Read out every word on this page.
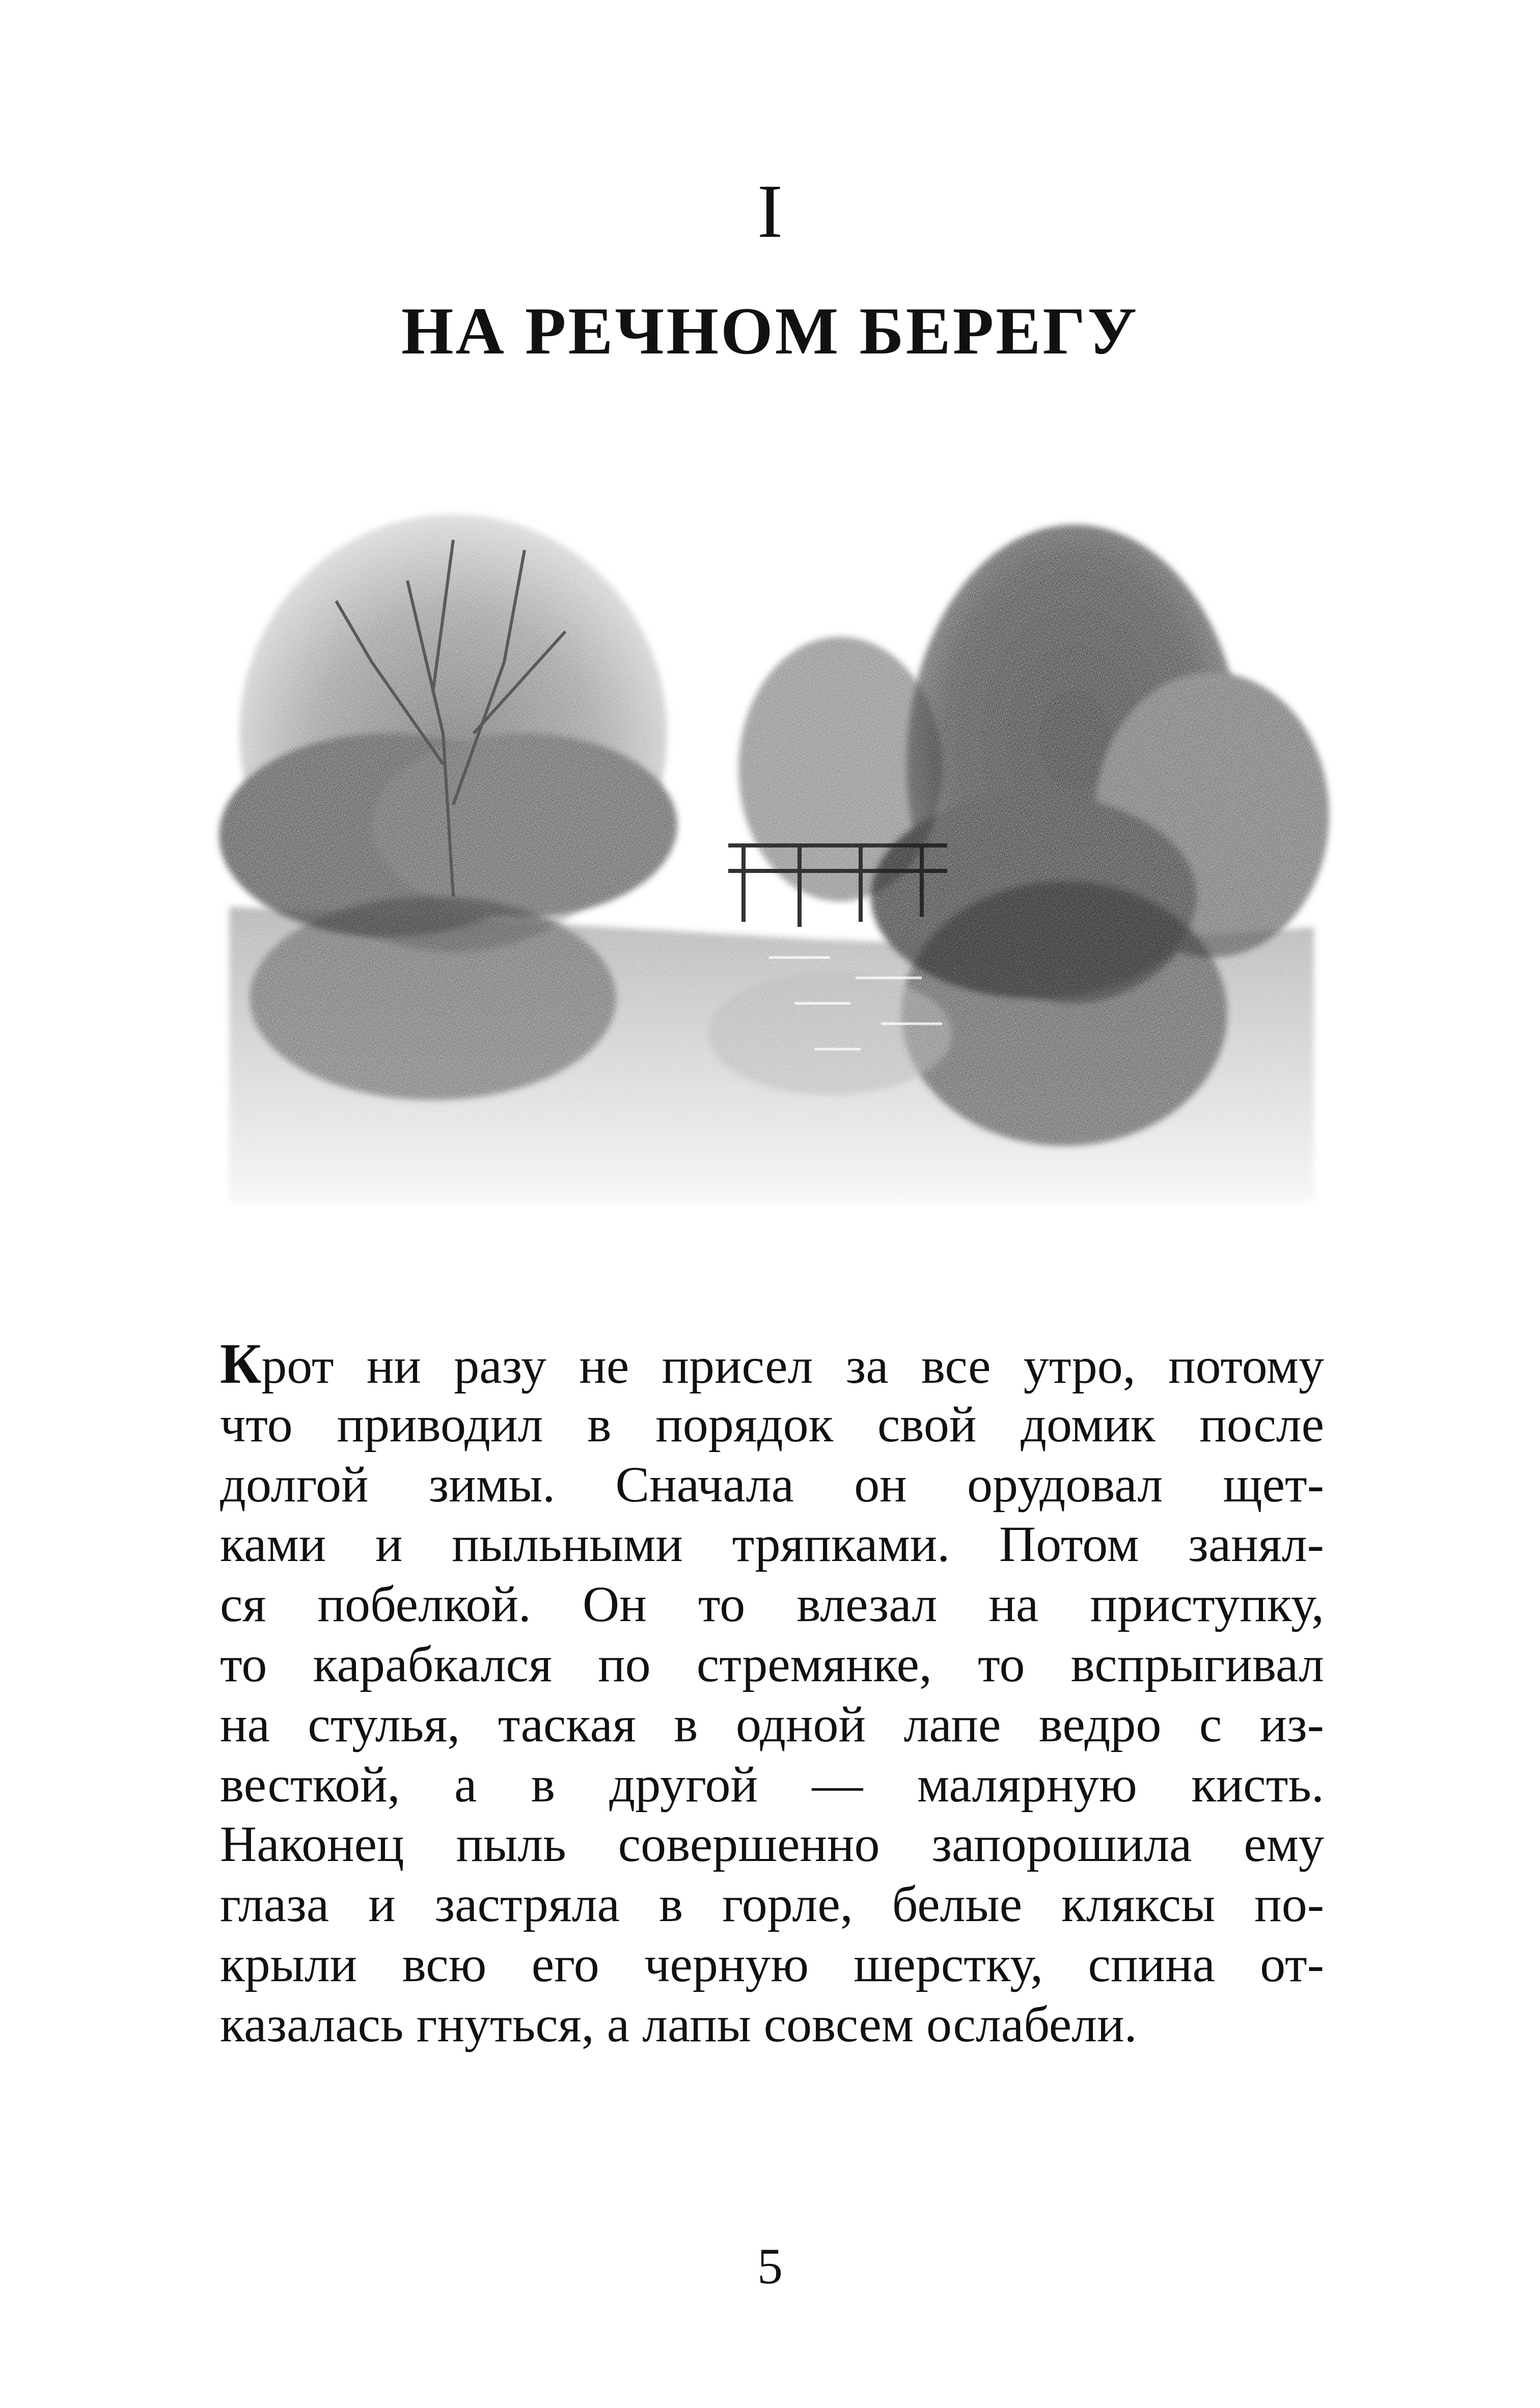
I
НА РЕЧНОМ БЕРЕГУ
Крот ни разу не присел за все утро, потому
что приводил в порядок свой домик после
долгой зимы. Сначала он орудовал щет-
ками и пыльными тряпками. Потом занял-
ся побелкой. Он то влезал на приступку,
то карабкался по стремянке, то вспрыгивал
на стулья, таская в одной лапе ведро с из-
весткой, а в другой — малярную кисть.
Наконец пыль совершенно запорошила ему
глаза и застряла в горле, белые кляксы по-
крыли всю его черную шерстку, спина от-
казалась гнуться, а лапы совсем ослабели.
5
